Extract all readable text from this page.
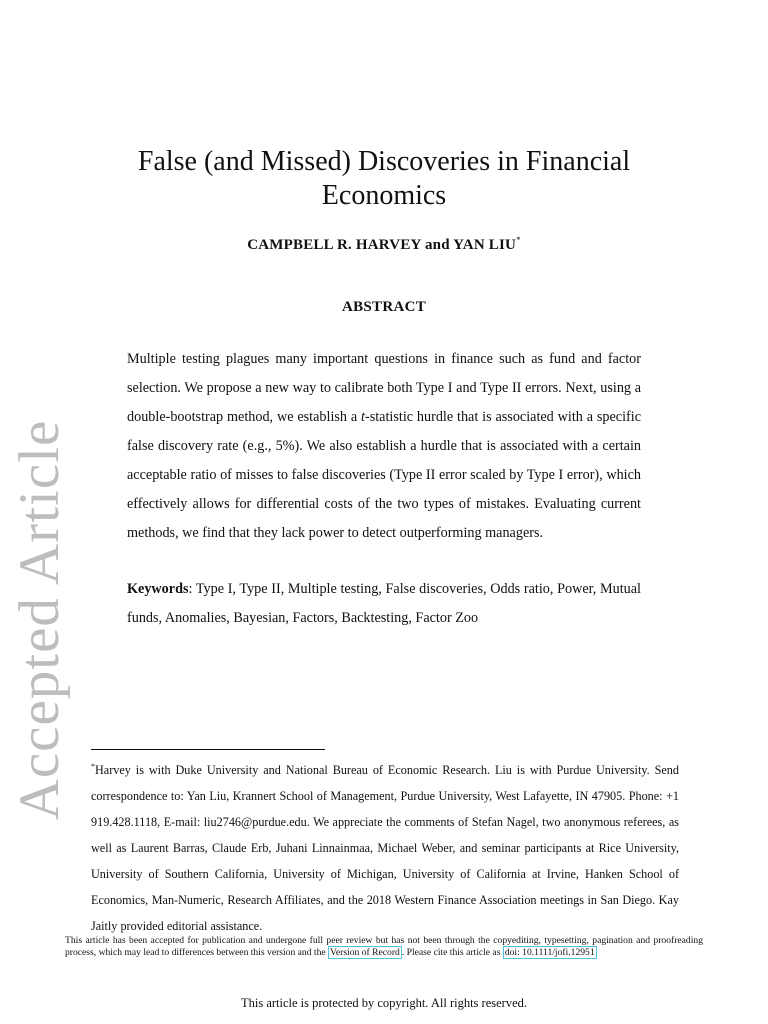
Accepted Article
False (and Missed) Discoveries in Financial Economics
CAMPBELL R. HARVEY and YAN LIU*
ABSTRACT

Multiple testing plagues many important questions in finance such as fund and factor selection. We propose a new way to calibrate both Type I and Type II errors. Next, using a double-bootstrap method, we establish a t-statistic hurdle that is associated with a specific false discovery rate (e.g., 5%). We also establish a hurdle that is associated with a certain acceptable ratio of misses to false discoveries (Type II error scaled by Type I error), which effectively allows for differential costs of the two types of mistakes. Evaluating current methods, we find that they lack power to detect outperforming managers.

Keywords: Type I, Type II, Multiple testing, False discoveries, Odds ratio, Power, Mutual funds, Anomalies, Bayesian, Factors, Backtesting, Factor Zoo

*Harvey is with Duke University and National Bureau of Economic Research. Liu is with Purdue University. Send correspondence to: Yan Liu, Krannert School of Management, Purdue University, West Lafayette, IN 47905. Phone: +1 919.428.1118, E-mail: liu2746@purdue.edu. We appreciate the comments of Stefan Nagel, two anonymous referees, as well as Laurent Barras, Claude Erb, Juhani Linnainmaa, Michael Weber, and seminar participants at Rice University, University of Southern California, University of Michigan, University of California at Irvine, Hanken School of Economics, Man-Numeric, Research Affiliates, and the 2018 Western Finance Association meetings in San Diego. Kay Jaitly provided editorial assistance.

This article has been accepted for publication and undergone full peer review but has not been through the copyediting, typesetting, pagination and proofreading process, which may lead to differences between this version and the Version of Record . Please cite this article as doi: 10.1111/jofi.12951

This article is protected by copyright. All rights reserved.
